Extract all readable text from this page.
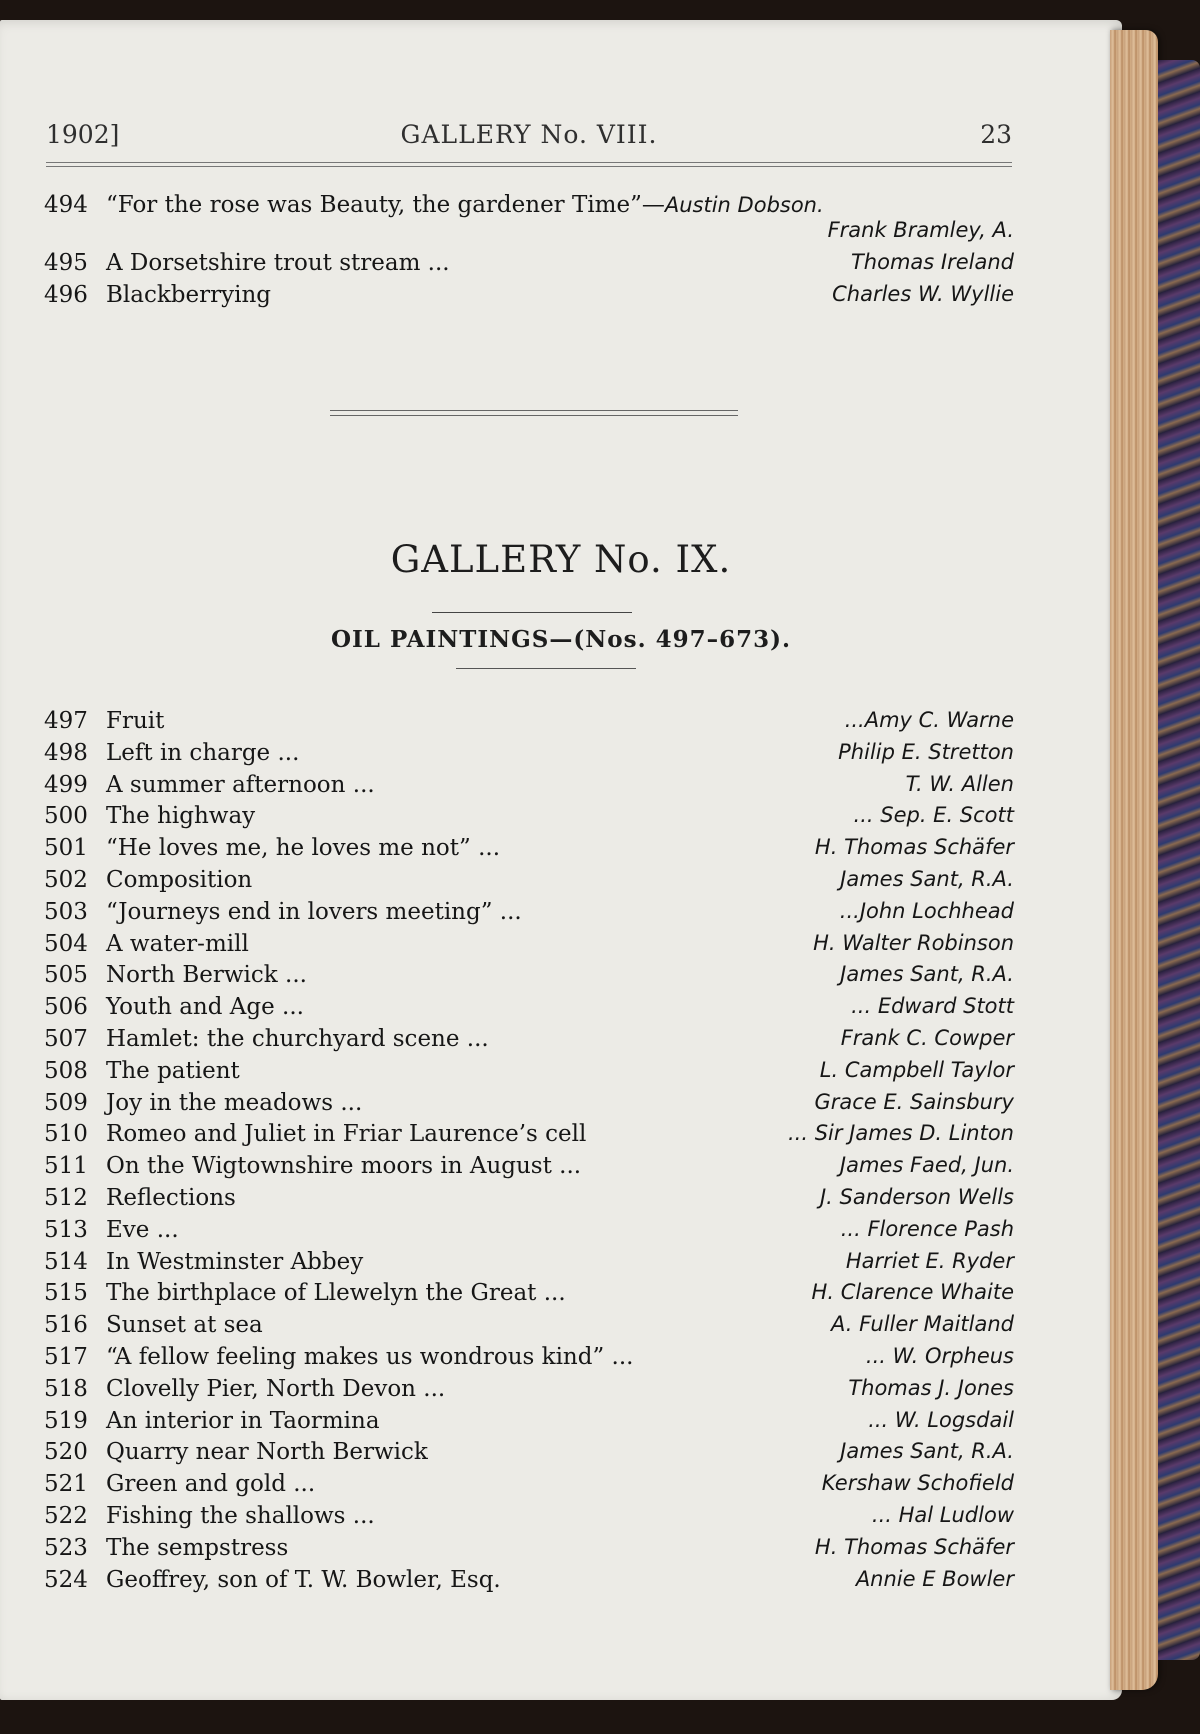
1902]	GALLERY No. VIII.	23
494 “For the rose was Beauty, the gardener Time”—Austin Dobson.
Frank Bramley, A.
495 A Dorsetshire trout stream ...	Thomas Ireland
496 Blackberrying	Charles W. Wyllie
GALLERY No. IX.
OIL PAINTINGS—(Nos. 497–673).
497 Fruit	...Amy C. Warne
498 Left in charge ...	Philip E. Stretton
499 A summer afternoon ...	T. W. Allen
500 The highway	... Sep. E. Scott
501 “He loves me, he loves me not” ...	H. Thomas Schäfer
502 Composition	James Sant, R.A.
503 “Journeys end in lovers meeting” ...	...John Lochhead
504 A water-mill	H. Walter Robinson
505 North Berwick ...	James Sant, R.A.
506 Youth and Age ...	... Edward Stott
507 Hamlet: the churchyard scene ...	Frank C. Cowper
508 The patient	L. Campbell Taylor
509 Joy in the meadows ...	Grace E. Sainsbury
510 Romeo and Juliet in Friar Laurence’s cell	... Sir James D. Linton
511 On the Wigtownshire moors in August ...	James Faed, Jun.
512 Reflections	J. Sanderson Wells
513 Eve ...	... Florence Pash
514 In Westminster Abbey	Harriet E. Ryder
515 The birthplace of Llewelyn the Great ...	H. Clarence Whaite
516 Sunset at sea	A. Fuller Maitland
517 “A fellow feeling makes us wondrous kind” ...	... W. Orpheus
518 Clovelly Pier, North Devon ...	Thomas J. Jones
519 An interior in Taormina	... W. Logsdail
520 Quarry near North Berwick	James Sant, R.A.
521 Green and gold ...	Kershaw Schofield
522 Fishing the shallows ...	... Hal Ludlow
523 The sempstress	H. Thomas Schäfer
524 Geoffrey, son of T. W. Bowler, Esq.	Annie E Bowler
